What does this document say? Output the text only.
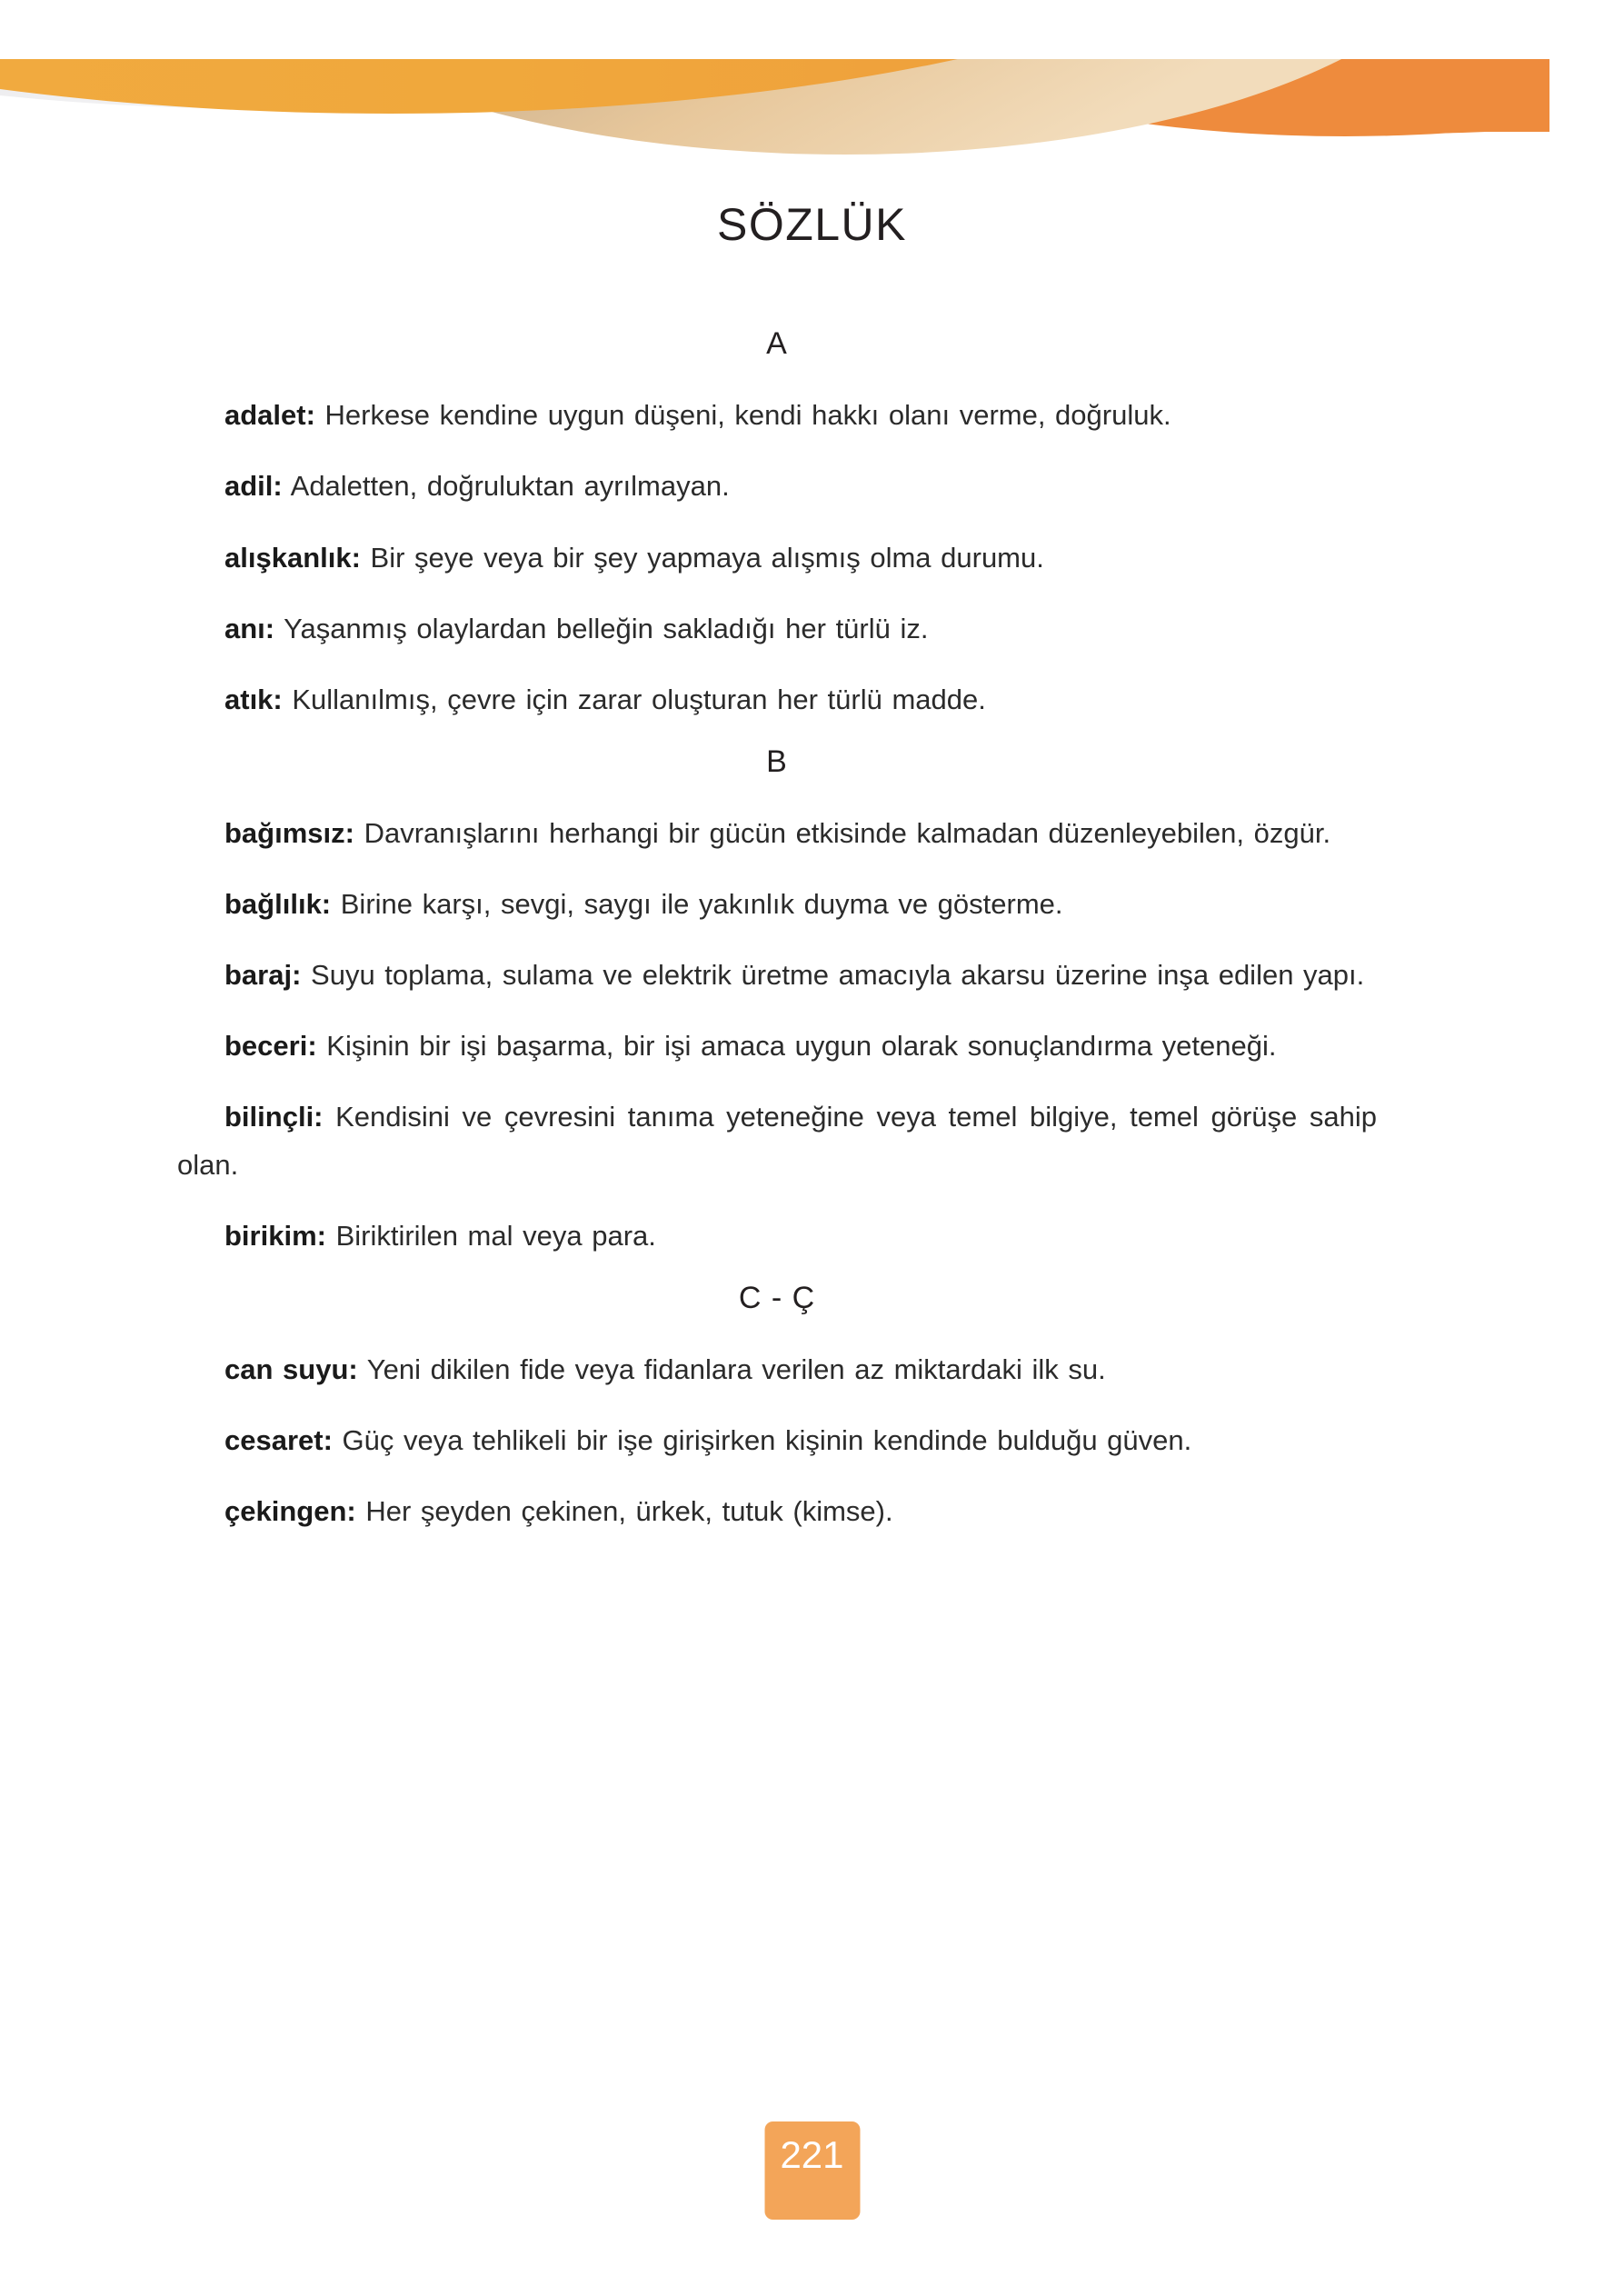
SÖZLÜK
A

adalet: Herkese kendine uygun düşeni, kendi hakkı olanı verme, doğruluk.

adil: Adaletten, doğruluktan ayrılmayan.

alışkanlık: Bir şeye veya bir şey yapmaya alışmış olma durumu.

anı: Yaşanmış olaylardan belleğin sakladığı her türlü iz.

atık: Kullanılmış, çevre için zarar oluşturan her türlü madde.

B

bağımsız: Davranışlarını herhangi bir gücün etkisinde kalmadan düzenleyebilen, özgür.

bağlılık: Birine karşı, sevgi, saygı ile yakınlık duyma ve gösterme.

baraj: Suyu toplama, sulama ve elektrik üretme amacıyla akarsu üzerine inşa edilen yapı.

beceri: Kişinin bir işi başarma, bir işi amaca uygun olarak sonuçlandırma yeteneği.

bilinçli: Kendisini ve çevresini tanıma yeteneğine veya temel bilgiye, temel görüşe sahip olan.

birikim: Biriktirilen mal veya para.

C - Ç

can suyu: Yeni dikilen fide veya fidanlara verilen az miktardaki ilk su.

cesaret: Güç veya tehlikeli bir işe girişirken kişinin kendinde bulduğu güven.

çekingen: Her şeyden çekinen, ürkek, tutuk (kimse).

221
